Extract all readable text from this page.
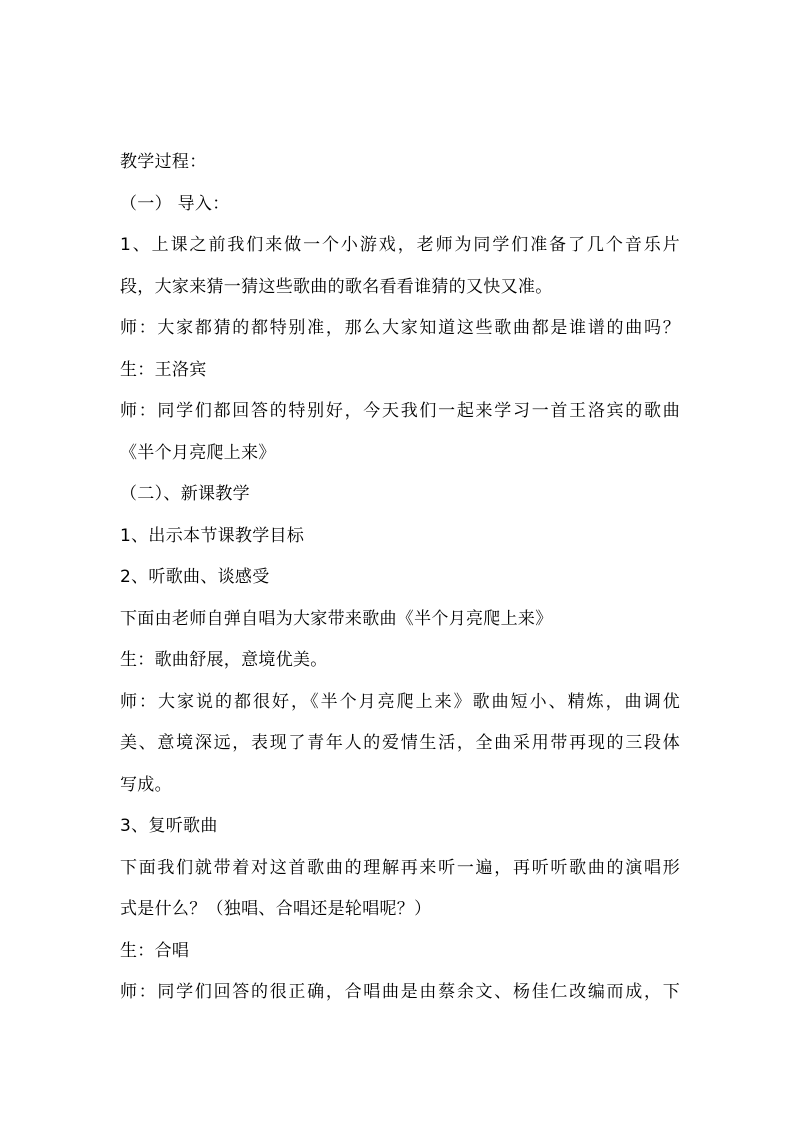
教学过程：
（一） 导入：
1、上课之前我们来做一个小游戏，老师为同学们准备了几个音乐片
段，大家来猜一猜这些歌曲的歌名看看谁猜的又快又准。
师：大家都猜的都特别准，那么大家知道这些歌曲都是谁谱的曲吗？
生：王洛宾
师：同学们都回答的特别好，今天我们一起来学习一首王洛宾的歌曲
《半个月亮爬上来》
（二）、新课教学
1、出示本节课教学目标
2、听歌曲、谈感受
下面由老师自弹自唱为大家带来歌曲《半个月亮爬上来》
生：歌曲舒展，意境优美。
师：大家说的都很好，《半个月亮爬上来》歌曲短小、精炼，曲调优
美、意境深远，表现了青年人的爱情生活，全曲采用带再现的三段体
写成。
3、复听歌曲
下面我们就带着对这首歌曲的理解再来听一遍，再听听歌曲的演唱形
式是什么？（独唱、合唱还是轮唱呢？）
生：合唱
师：同学们回答的很正确，合唱曲是由蔡余文、杨佳仁改编而成，下
